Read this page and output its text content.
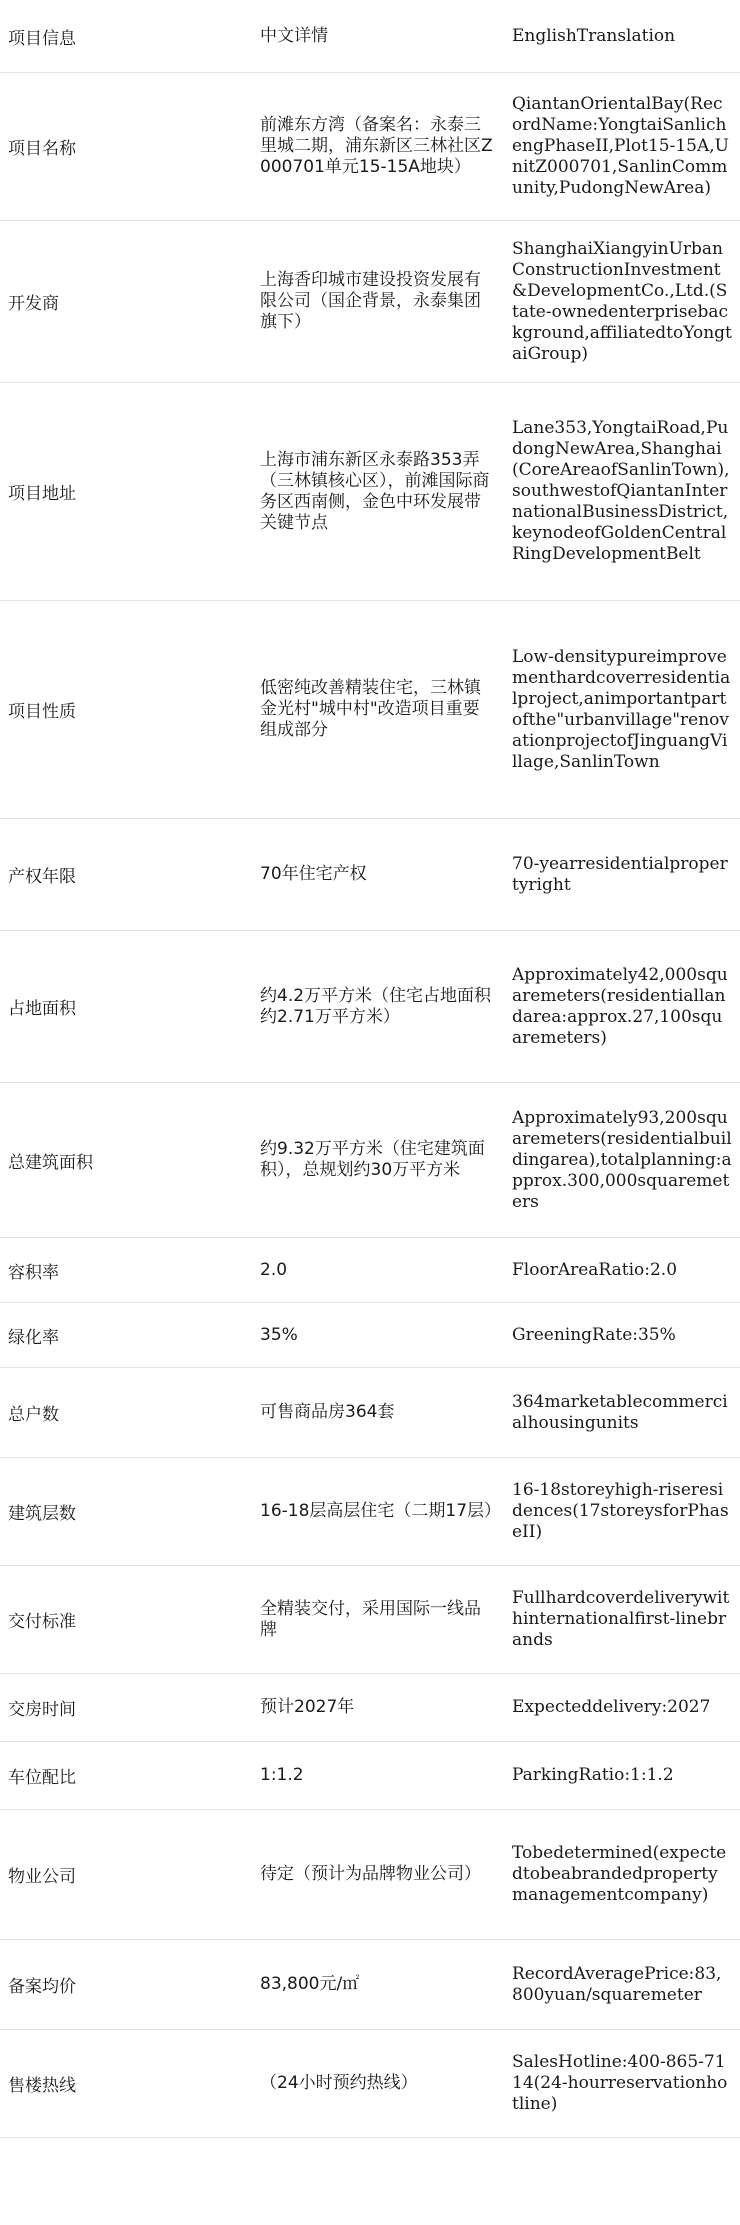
项目信息	中文详情	EnglishTranslation
项目名称	前滩东方湾（备案名：永泰三里城二期，浦东新区三林社区Z000701单元15-15A地块）	QiantanOrientalBay(RecordName:YongtaiSanlichengPhaseII,Plot15-15A,UnitZ000701,SanlinCommunity,PudongNewArea)
开发商	上海香印城市建设投资发展有限公司（国企背景，永泰集团旗下）	ShanghaiXiangyinUrbanConstructionInvestment&DevelopmentCo.,Ltd.(State-ownedenterprisebackground,affiliatedtoYongtaiGroup)
项目地址	上海市浦东新区永泰路353弄（三林镇核心区），前滩国际商务区西南侧，金色中环发展带关键节点	Lane353,YongtaiRoad,PudongNewArea,Shanghai(CoreAreaofSanlinTown),southwestofQiantanInternationalBusinessDistrict,keynodeofGoldenCentralRingDevelopmentBelt
项目性质	低密纯改善精装住宅，三林镇金光村"城中村"改造项目重要组成部分	Low-densitypureimprovementhardcoverresidentialproject,animportantpartofthe"urbanvillage"renovationprojectofJinguangVillage,SanlinTown
产权年限	70年住宅产权	70-yearresidentialpropertyright
占地面积	约4.2万平方米（住宅占地面积约2.71万平方米）	Approximately42,000squaremeters(residentiallandarea:approx.27,100squaremeters)
总建筑面积	约9.32万平方米（住宅建筑面积），总规划约30万平方米	Approximately93,200squaremeters(residentialbuildingarea),totalplanning:approx.300,000squaremeters
容积率	2.0	FloorAreaRatio:2.0
绿化率	35%	GreeningRate:35%
总户数	可售商品房364套	364marketablecommercialhousingunits
建筑层数	16-18层高层住宅（二期17层）	16-18storeyhigh-riseresidences(17storeysforPhaseII)
交付标准	全精装交付，采用国际一线品牌	Fullhardcoverdeliverywithinternationalfirst-linebrands
交房时间	预计2027年	Expecteddelivery:2027
车位配比	1:1.2	ParkingRatio:1:1.2
物业公司	待定（预计为品牌物业公司）	Tobedetermined(expectedtobeabrandedpropertymanagementcompany)
备案均价	83,800元/㎡	RecordAveragePrice:83,800yuan/squaremeter
售楼热线	（24小时预约热线）	SalesHotline:400-865-7114(24-hourreservationhotline)
